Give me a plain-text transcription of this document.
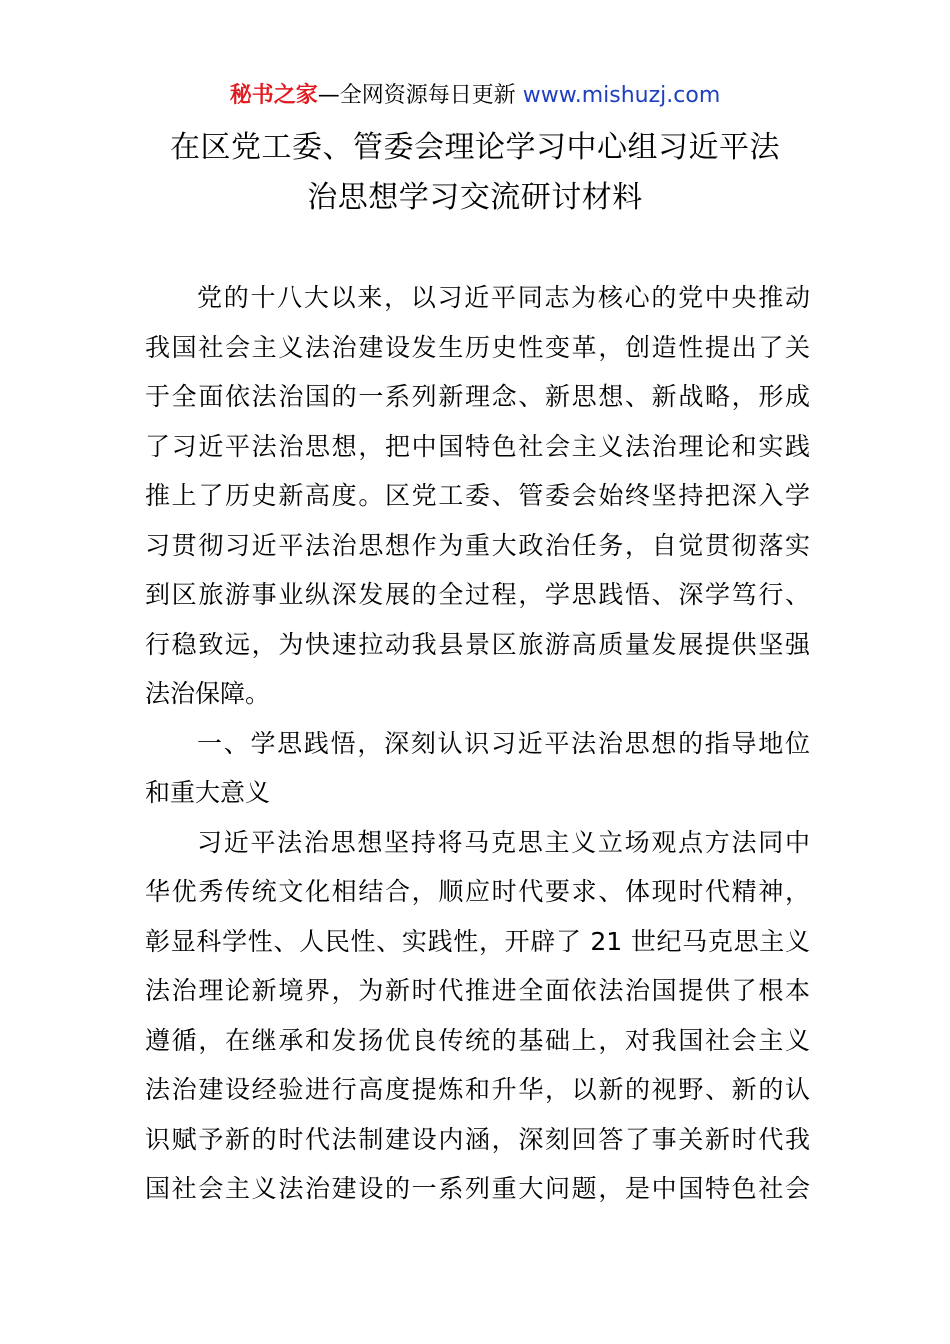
秘书之家—全网资源每日更新 www.mishuzj.com
在区党工委、管委会理论学习中心组习近平法
治思想学习交流研讨材料
党的十八大以来，以习近平同志为核心的党中央推动
我国社会主义法治建设发生历史性变革，创造性提出了关
于全面依法治国的一系列新理念、新思想、新战略，形成
了习近平法治思想，把中国特色社会主义法治理论和实践
推上了历史新高度。区党工委、管委会始终坚持把深入学
习贯彻习近平法治思想作为重大政治任务，自觉贯彻落实
到区旅游事业纵深发展的全过程，学思践悟、深学笃行、
行稳致远，为快速拉动我县景区旅游高质量发展提供坚强
法治保障。
一、学思践悟，深刻认识习近平法治思想的指导地位
和重大意义
习近平法治思想坚持将马克思主义立场观点方法同中
华优秀传统文化相结合，顺应时代要求、体现时代精神，
彰显科学性、人民性、实践性，开辟了 21 世纪马克思主义
法治理论新境界，为新时代推进全面依法治国提供了根本
遵循，在继承和发扬优良传统的基础上，对我国社会主义
法治建设经验进行高度提炼和升华，以新的视野、新的认
识赋予新的时代法制建设内涵，深刻回答了事关新时代我
国社会主义法治建设的一系列重大问题，是中国特色社会
